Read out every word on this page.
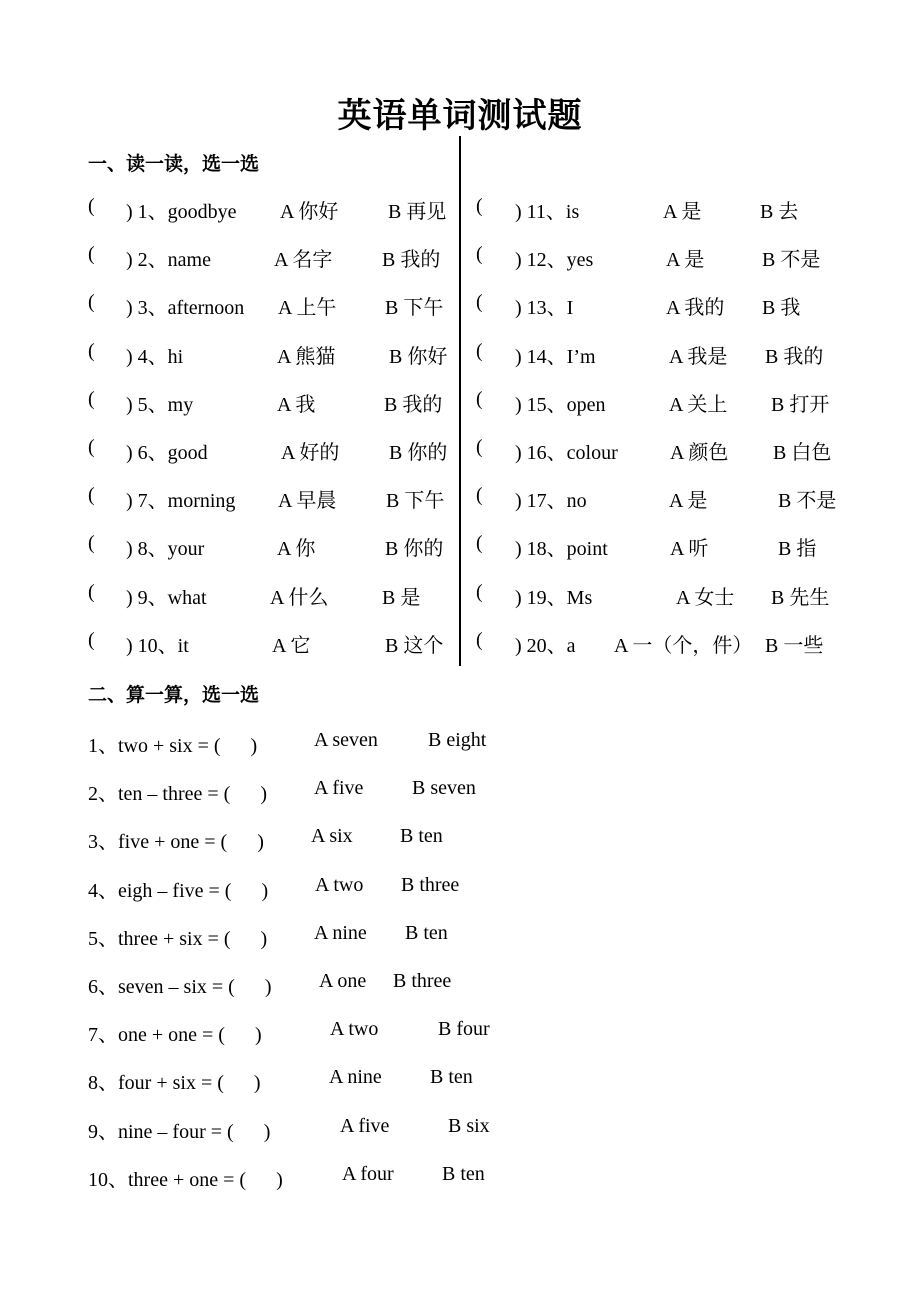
英语单词测试题
一、读一读，选一选
( ) 1、goodbye A 你好 B 再见
( ) 2、name	A 名字 B 我的
( ) 3、afternoon A 上午 B 下午
( ) 4、hi	A 熊猫	B 你好
( ) 5、my	A 我	B 我的
( ) 6、good	A 好的 B 你的
( ) 7、morning A 早晨 B 下午
( ) 8、your	A 你	B 你的
( ) 9、what	A 什么	B 是
( ) 10、it	A 它	B 这个
( ) 11、is	A 是	B 去
( ) 12、yes	A 是	B 不是
( ) 13、I	A 我的 B 我
( ) 14、I’m	A 我是 B 我的
( ) 15、open	A 关上 B 打开
( ) 16、colour	A 颜色 B 白色
( ) 17、no	A 是	B 不是
( ) 18、point	A 听	B 指
( ) 19、Ms	A 女士 B 先生
( ) 20、a A 一（个，件） B 一些
二、算一算，选一选
1、two + six = (      )	A seven	B eight
2、ten – three = (      ) A five B seven
3、five + one = (      ) A six B ten
4、eigh – five = (      ) A two B three
5、three + six = (      ) A nine B ten
6、seven – six = (      ) A one B three
7、one + one = (      )	A two	B four
8、four + six = (      )	A nine B ten
9、nine – four = (      )	A five	B six
10、three + one = (      )	A four B ten
